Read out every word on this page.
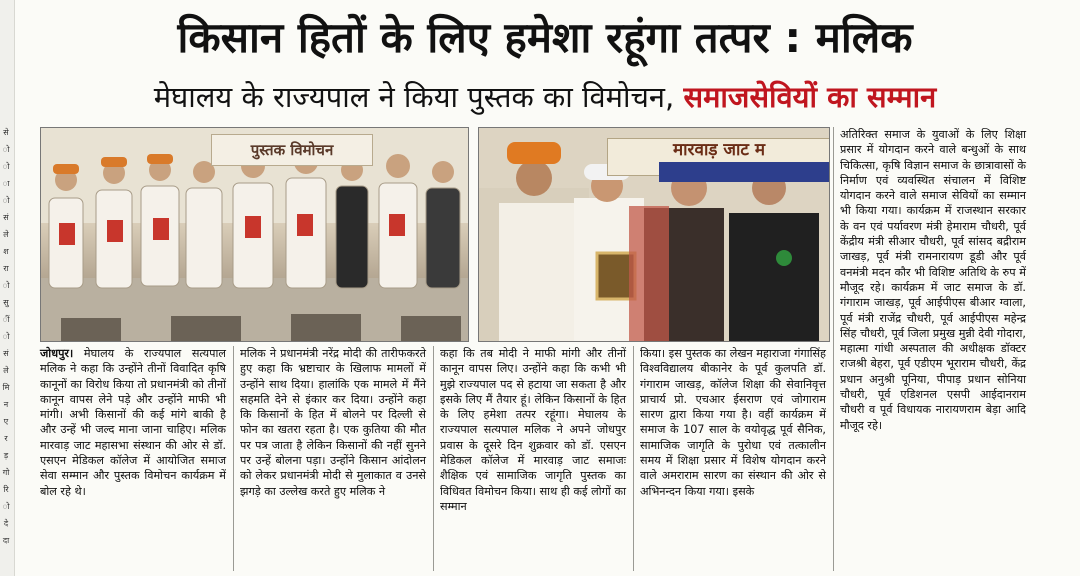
से
ो
ो
ा
ो
सं
ले
श
रा
ो
सु
ीं
ो
सं
ले
मि
न
ए
र
ड़
गो
रि
ो
दे
दा
किसान हितों के लिए हमेशा रहूंगा तत्पर : मलिक
मेघालय के राज्यपाल ने किया पुस्तक का विमोचन, समाजसेवियों का सम्मान
पुस्तक विमोचन	मारवाड़ जाट म
जोधपुर। मेघालय के राज्यपाल सत्यपाल मलिक ने कहा कि उन्होंने तीनों विवादित कृषि कानूनों का विरोध किया तो प्रधानमंत्री को तीनों कानून वापस लेने पड़े और उन्होंने माफी भी मांगी। अभी किसानों की कई मांगे बाकी है और उन्हें भी जल्द माना जाना चाहिए। मलिक मारवाड़ जाट महासभा संस्थान की ओर से डॉ. एसएन मेडिकल कॉलेज में आयोजित समाज सेवा सम्मान और पुस्तक विमोचन कार्यक्रम में बोल रहे थे।
मलिक ने प्रधानमंत्री नरेंद्र मोदी की तारीफकरते हुए कहा कि भ्रष्टाचार के खिलाफ मामलों में उन्होंने साथ दिया। हालांकि एक मामले में मैंने सहमति देने से इंकार कर दिया। उन्होंने कहा कि किसानों के हित में बोलने पर दिल्ली से फोन का खतरा रहता है। एक कुतिया की मौत पर पत्र जाता है लेकिन किसानों की नहीं सुनने पर उन्हें बोलना पड़ा। उन्होंने किसान आंदोलन को लेकर प्रधानमंत्री मोदी से मुलाकात व उनसे झगड़े का उल्लेख करते हुए मलिक ने
कहा कि तब मोदी ने माफी मांगी और तीनों कानून वापस लिए। उन्होंने कहा कि कभी भी मुझे राज्यपाल पद से हटाया जा सकता है और इसके लिए मैं तैयार हूं। लेकिन किसानों के हित के लिए हमेशा तत्पर रहूंगा। मेघालय के राज्यपाल सत्यपाल मलिक ने अपने जोधपुर प्रवास के दूसरे दिन शुक्रवार को डॉ. एसएन मेडिकल कॉलेज में मारवाड़ जाट समाजः शैक्षिक एवं सामाजिक जागृति पुस्तक का विधिवत विमोचन किया। साथ ही कई लोगों का सम्मान
किया। इस पुस्तक का लेखन महाराजा गंगासिंह विश्वविद्यालय बीकानेर के पूर्व कुलपति डॉ. गंगाराम जाखड़, कॉलेज शिक्षा की सेवानिवृत्त प्राचार्य प्रो. एचआर ईसराण एवं जोगाराम सारण द्वारा किया गया है। वहीं कार्यक्रम में समाज के 107 साल के वयोवृद्ध पूर्व सैनिक, सामाजिक जागृति के पुरोधा एवं तत्कालीन समय में शिक्षा प्रसार में विशेष योगदान करने वाले अमराराम सारण का संस्थान की ओर से अभिनन्दन किया गया। इसके
अतिरिक्त समाज के युवाओं के लिए शिक्षा प्रसार में योगदान करने वाले बन्धुओं के साथ चिकित्सा, कृषि विज्ञान समाज के छात्रावासों के निर्माण एवं व्यवस्थित संचालन में विशिष्ट योगदान करने वाले समाज सेवियों का सम्मान भी किया गया। कार्यक्रम में राजस्थान सरकार के वन एवं पर्यावरण मंत्री हेमाराम चौधरी, पूर्व केंद्रीय मंत्री सीआर चौधरी, पूर्व सांसद बद्रीराम जाखड़, पूर्व मंत्री रामनारायण डूडी और पूर्व वनमंत्री मदन कौर भी विशिष्ट अतिथि के रुप में मौजूद रहे। कार्यक्रम में जाट समाज के डॉ. गंगाराम जाखड़, पूर्व आईपीएस बीआर ग्वाला, पूर्व मंत्री राजेंद्र चौधरी, पूर्व आईपीएस महेन्द्र सिंह चौधरी, पूर्व जिला प्रमुख मुन्नी देवी गोदारा, महात्मा गांधी अस्पताल की अधीक्षक डॉक्टर राजश्री बेहरा, पूर्व एडीएम भूराराम चौधरी, केंद्र प्रधान अनुश्री पूनिया, पीपाड़ प्रधान सोनिया चौधरी, पूर्व एडिशनल एसपी आईदानराम चौधरी व पूर्व विधायक नारायणराम बेड़ा आदि मौजूद रहे।
